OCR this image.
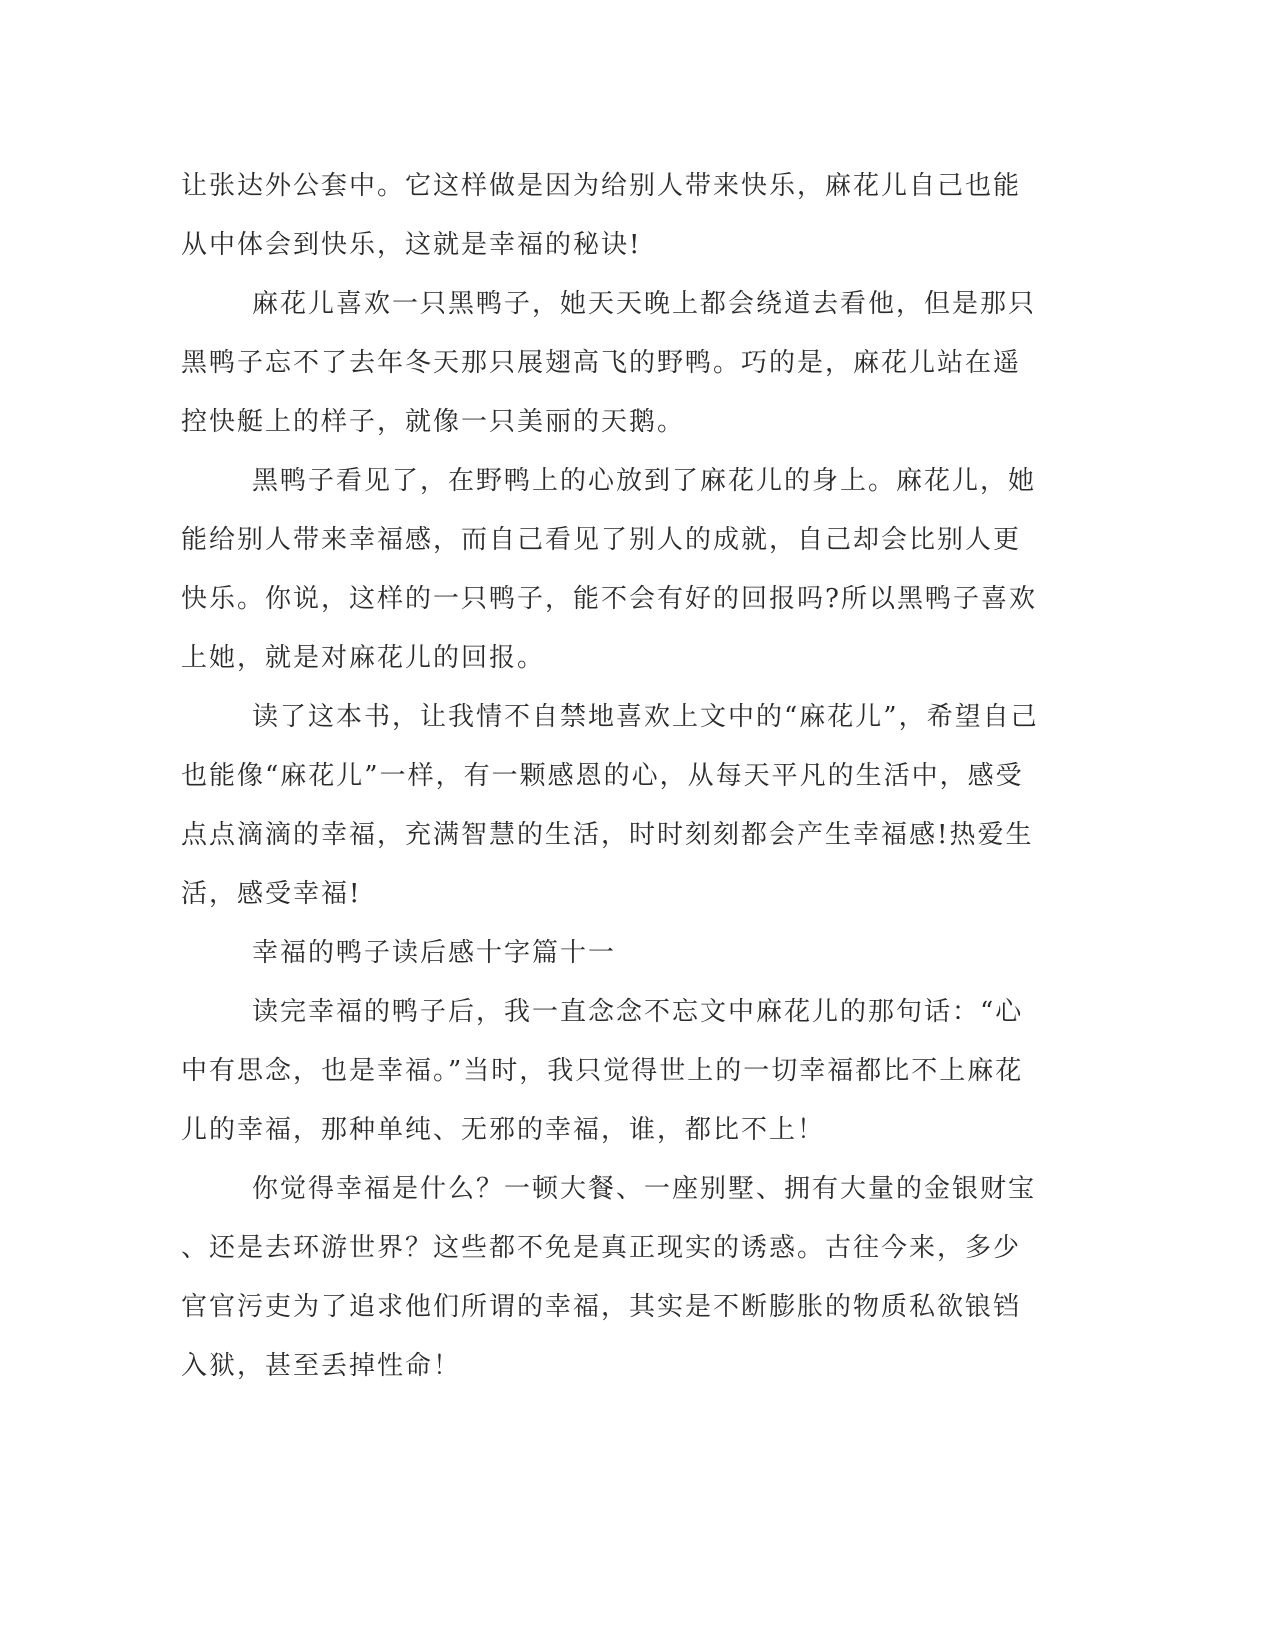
让张达外公套中。它这样做是因为给别人带来快乐，麻花儿自己也能
从中体会到快乐，这就是幸福的秘诀!

麻花儿喜欢一只黑鸭子，她天天晚上都会绕道去看他，但是那只
黑鸭子忘不了去年冬天那只展翅高飞的野鸭。巧的是，麻花儿站在遥
控快艇上的样子，就像一只美丽的天鹅。

黑鸭子看见了，在野鸭上的心放到了麻花儿的身上。麻花儿，她
能给别人带来幸福感，而自己看见了别人的成就，自己却会比别人更
快乐。你说，这样的一只鸭子，能不会有好的回报吗?所以黑鸭子喜欢
上她，就是对麻花儿的回报。

读了这本书，让我情不自禁地喜欢上文中的“麻花儿”，希望自己
也能像“麻花儿”一样，有一颗感恩的心，从每天平凡的生活中，感受
点点滴滴的幸福，充满智慧的生活，时时刻刻都会产生幸福感!热爱生
活，感受幸福!

幸福的鸭子读后感十字篇十一

读完幸福的鸭子后，我一直念念不忘文中麻花儿的那句话：“心
中有思念，也是幸福。”当时，我只觉得世上的一切幸福都比不上麻花
儿的幸福，那种单纯、无邪的幸福，谁，都比不上！

你觉得幸福是什么？一顿大餐、一座别墅、拥有大量的金银财宝
、还是去环游世界？这些都不免是真正现实的诱惑。古往今来，多少
官官污吏为了追求他们所谓的幸福，其实是不断膨胀的物质私欲锒铛
入狱，甚至丢掉性命！
